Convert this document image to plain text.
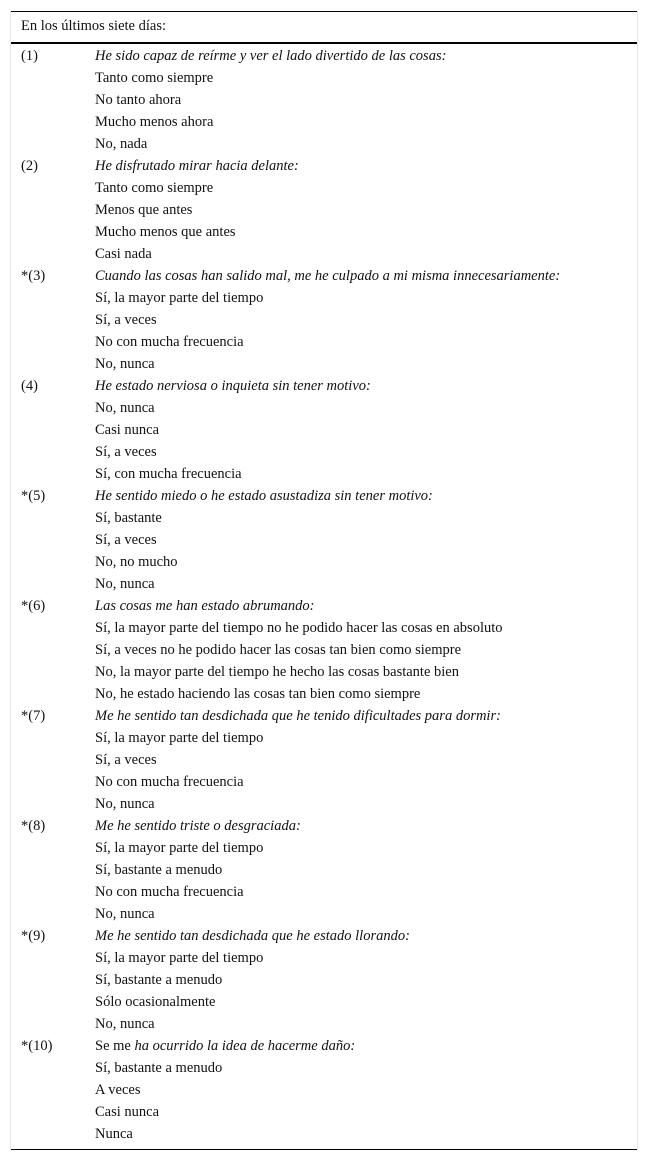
En los últimos siete días:
(1)	He sido capaz de reírme y ver el lado divertido de las cosas:
Tanto como siempre
No tanto ahora
Mucho menos ahora
No, nada
(2)	He disfrutado mirar hacia delante:
Tanto como siempre
Menos que antes
Mucho menos que antes
Casi nada
*(3)	Cuando las cosas han salido mal, me he culpado a mi misma innecesariamente:
Sí, la mayor parte del tiempo
Sí, a veces
No con mucha frecuencia
No, nunca
(4)	He estado nerviosa o inquieta sin tener motivo:
No, nunca
Casi nunca
Sí, a veces
Sí, con mucha frecuencia
*(5)	He sentido miedo o he estado asustadiza sin tener motivo:
Sí, bastante
Sí, a veces
No, no mucho
No, nunca
*(6)	Las cosas me han estado abrumando:
Sí, la mayor parte del tiempo no he podido hacer las cosas en absoluto
Sí, a veces no he podido hacer las cosas tan bien como siempre
No, la mayor parte del tiempo he hecho las cosas bastante bien
No, he estado haciendo las cosas tan bien como siempre
*(7)	Me he sentido tan desdichada que he tenido dificultades para dormir:
Sí, la mayor parte del tiempo
Sí, a veces
No con mucha frecuencia
No, nunca
*(8)	Me he sentido triste o desgraciada:
Sí, la mayor parte del tiempo
Sí, bastante a menudo
No con mucha frecuencia
No, nunca
*(9)	Me he sentido tan desdichada que he estado llorando:
Sí, la mayor parte del tiempo
Sí, bastante a menudo
Sólo ocasionalmente
No, nunca
*(10)	Se me ha ocurrido la idea de hacerme daño:
Sí, bastante a menudo
A veces
Casi nunca
Nunca
